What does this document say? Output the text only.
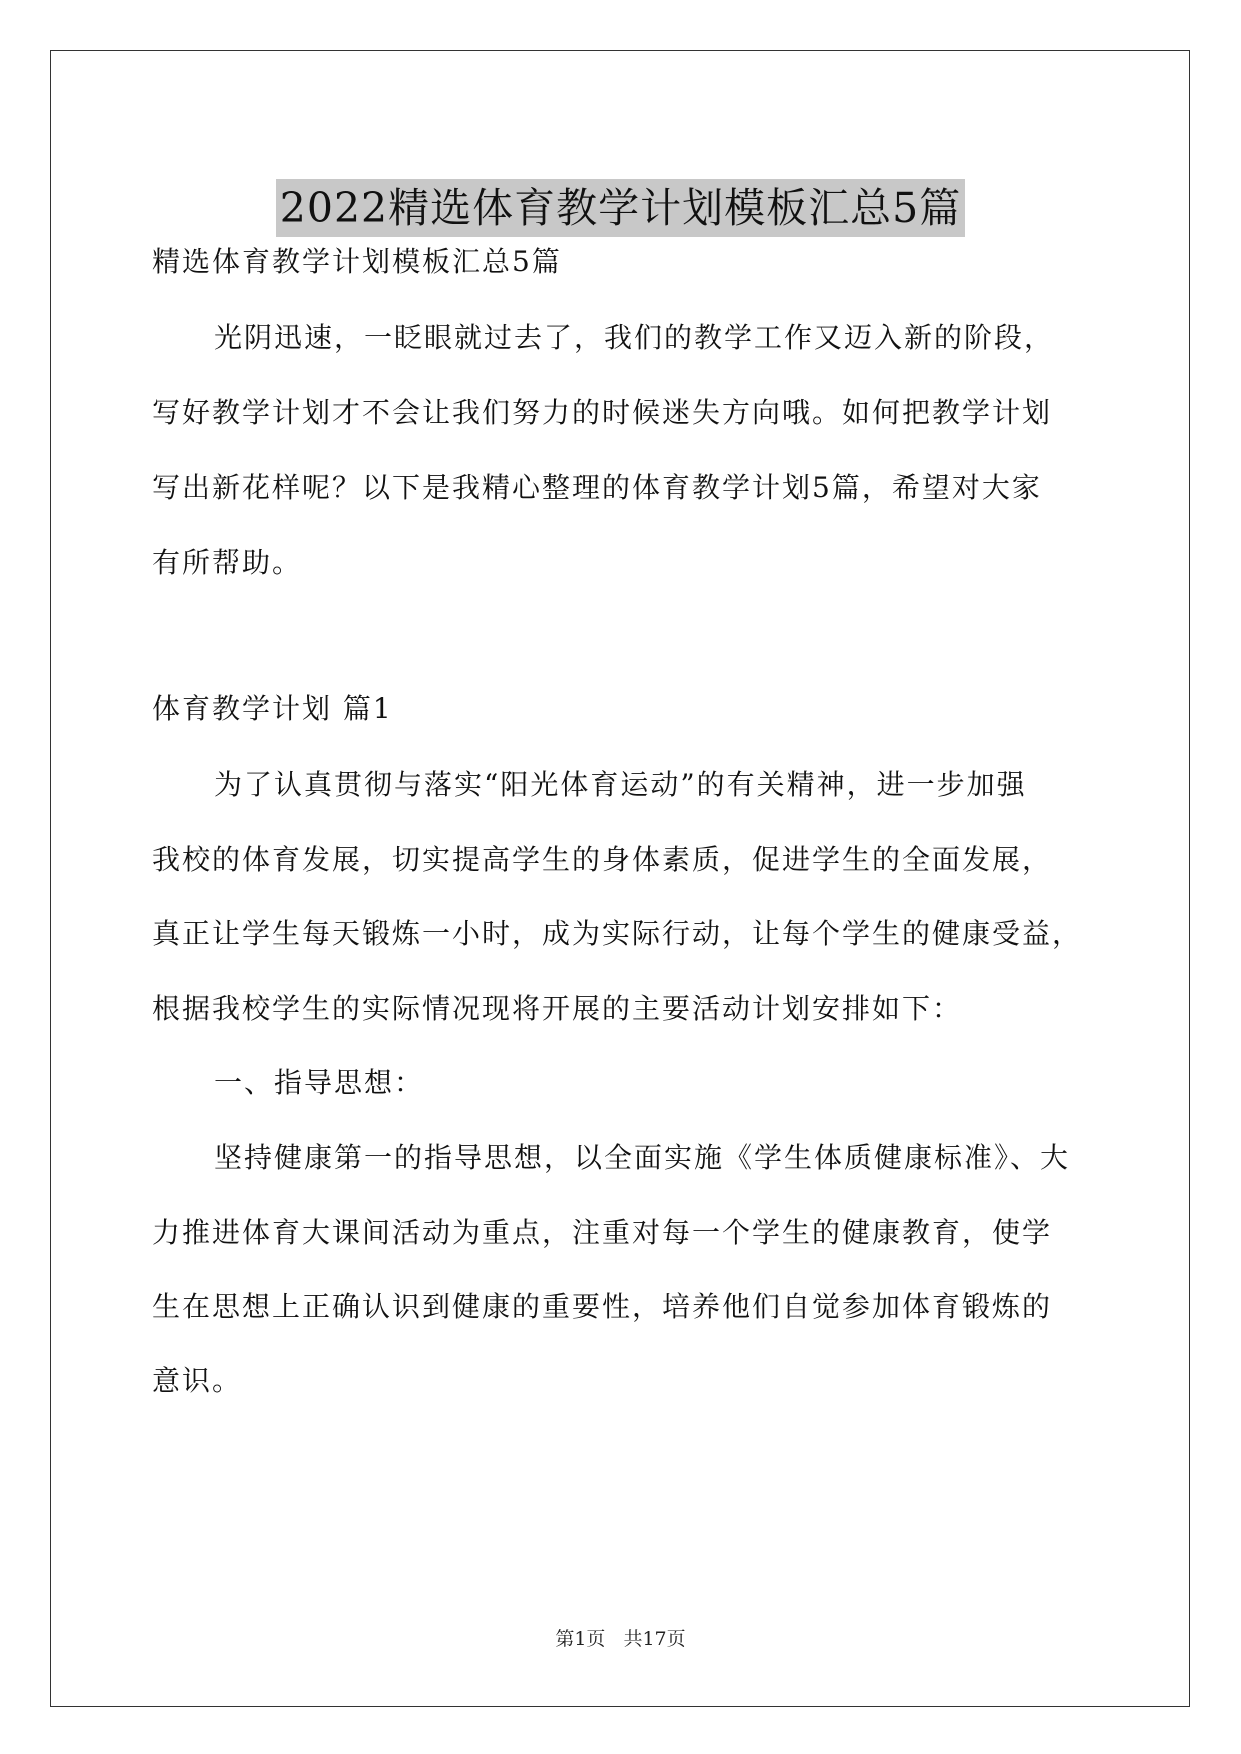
2022精选体育教学计划模板汇总5篇
精选体育教学计划模板汇总5篇
光阴迅速，一眨眼就过去了，我们的教学工作又迈入新的阶段，
写好教学计划才不会让我们努力的时候迷失方向哦。如何把教学计划
写出新花样呢？以下是我精心整理的体育教学计划5篇，希望对大家
有所帮助。
体育教学计划 篇1
为了认真贯彻与落实“阳光体育运动”的有关精神，进一步加强
我校的体育发展，切实提高学生的身体素质，促进学生的全面发展，
真正让学生每天锻炼一小时，成为实际行动，让每个学生的健康受益，
根据我校学生的实际情况现将开展的主要活动计划安排如下：
一、指导思想：
坚持健康第一的指导思想，以全面实施《学生体质健康标准》、大
力推进体育大课间活动为重点，注重对每一个学生的健康教育，使学
生在思想上正确认识到健康的重要性，培养他们自觉参加体育锻炼的
意识。
第1页 共17页
